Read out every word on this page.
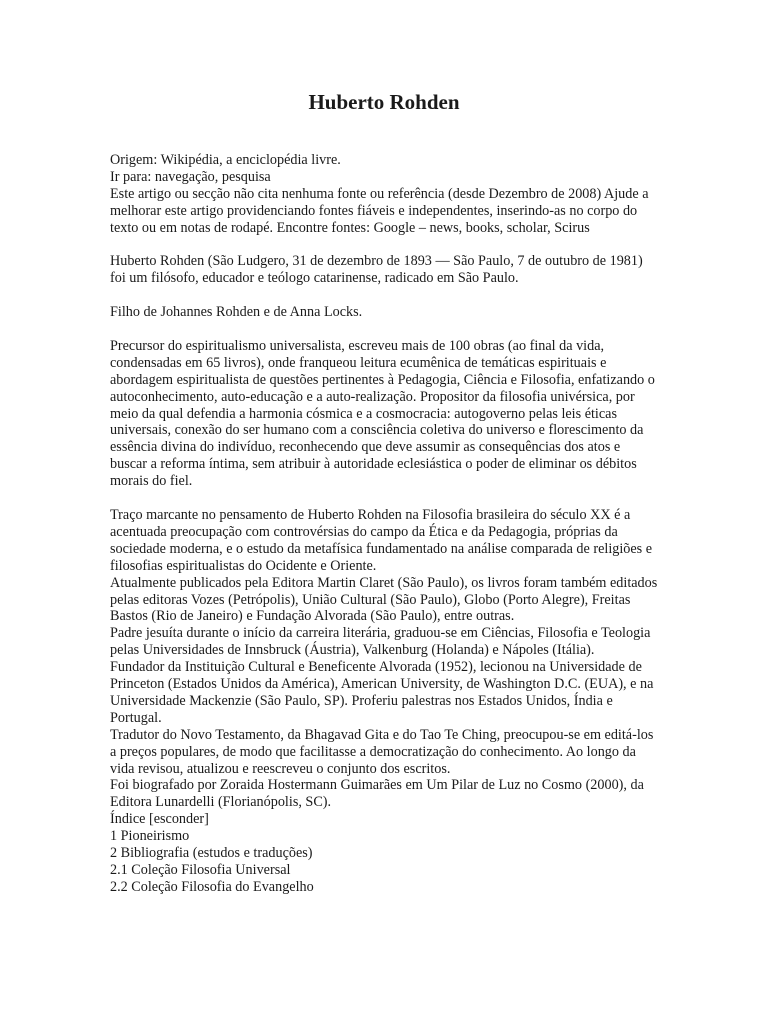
Huberto Rohden

Origem: Wikipédia, a enciclopédia livre.

Ir para: navegação, pesquisa

Este artigo ou secção não cita nenhuma fonte ou referência (desde Dezembro de 2008) Ajude a melhorar este artigo providenciando fontes fiáveis e independentes, inserindo-as no corpo do texto ou em notas de rodapé. Encontre fontes: Google – news, books, scholar, Scirus

Huberto Rohden (São Ludgero, 31 de dezembro de 1893 — São Paulo, 7 de outubro de 1981) foi um filósofo, educador e teólogo catarinense, radicado em São Paulo.

Filho de Johannes Rohden e de Anna Locks.

Precursor do espiritualismo universalista, escreveu mais de 100 obras (ao final da vida, condensadas em 65 livros), onde franqueou leitura ecumênica de temáticas espirituais e abordagem espiritualista de questões pertinentes à Pedagogia, Ciência e Filosofia, enfatizando o autoconhecimento, auto-educação e a auto-realização. Propositor da filosofia univérsica, por meio da qual defendia a harmonia cósmica e a cosmocracia: autogoverno pelas leis éticas universais, conexão do ser humano com a consciência coletiva do universo e florescimento da essência divina do indivíduo, reconhecendo que deve assumir as consequências dos atos e buscar a reforma íntima, sem atribuir à autoridade eclesiástica o poder de eliminar os débitos morais do fiel.

Traço marcante no pensamento de Huberto Rohden na Filosofia brasileira do século XX é a acentuada preocupação com controvérsias do campo da Ética e da Pedagogia, próprias da sociedade moderna, e o estudo da metafísica fundamentado na análise comparada de religiões e filosofias espiritualistas do Ocidente e Oriente.

Atualmente publicados pela Editora Martin Claret (São Paulo), os livros foram também editados pelas editoras Vozes (Petrópolis), União Cultural (São Paulo), Globo (Porto Alegre), Freitas Bastos (Rio de Janeiro) e Fundação Alvorada (São Paulo), entre outras.

Padre jesuíta durante o início da carreira literária, graduou-se em Ciências, Filosofia e Teologia pelas Universidades de Innsbruck (Áustria), Valkenburg (Holanda) e Nápoles (Itália).

Fundador da Instituição Cultural e Beneficente Alvorada (1952), lecionou na Universidade de Princeton (Estados Unidos da América), American University, de Washington D.C. (EUA), e na Universidade Mackenzie (São Paulo, SP). Proferiu palestras nos Estados Unidos, Índia e Portugal.

Tradutor do Novo Testamento, da Bhagavad Gita e do Tao Te Ching, preocupou-se em editá-los a preços populares, de modo que facilitasse a democratização do conhecimento. Ao longo da vida revisou, atualizou e reescreveu o conjunto dos escritos.

Foi biografado por Zoraida Hostermann Guimarães em Um Pilar de Luz no Cosmo (2000), da Editora Lunardelli (Florianópolis, SC).

Índice [esconder]

1 Pioneirismo

2 Bibliografia (estudos e traduções)

2.1 Coleção Filosofia Universal

2.2 Coleção Filosofia do Evangelho
